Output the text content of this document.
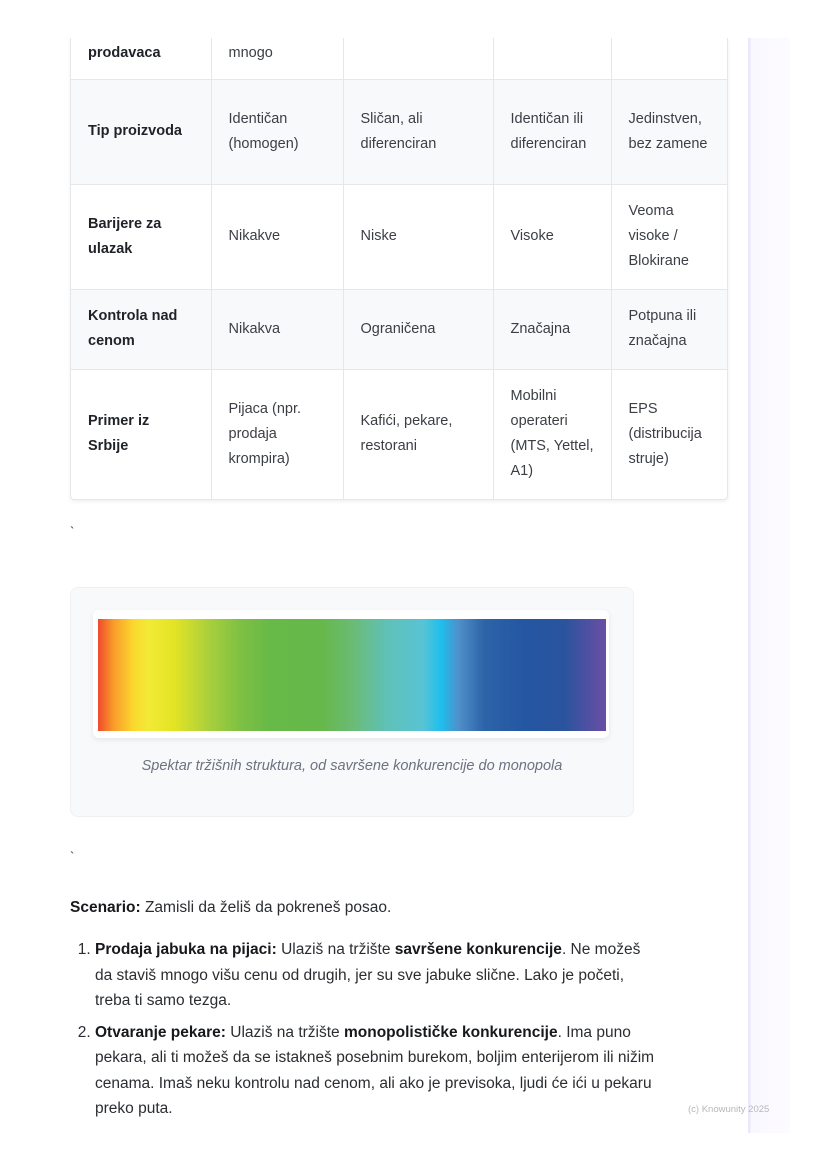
prodavaca	mnogo			
Tip proizvoda	Identičan (homogen)	Sličan, ali diferenciran	Identičan ili diferenciran	Jedinstven, bez zamene
Barijere za ulazak	Nikakve	Niske	Visoke	Veoma visoke / Blokirane
Kontrola nad cenom	Nikakva	Ograničena	Značajna	Potpuna ili značajna
Primer iz Srbije	Pijaca (npr. prodaja krompira)	Kafići, pekare, restorani	Mobilni operateri (MTS, Yettel, A1)	EPS (distribucija struje)
`
Spektar tržišnih struktura, od savršene konkurencije do monopola
`

Scenario: Zamisli da želiš da pokreneš posao.

1. Prodaja jabuka na pijaci: Ulaziš na tržište savršene konkurencije. Ne možeš da staviš mnogo višu cenu od drugih, jer su sve jabuke slične. Lako je početi, treba ti samo tezga.
2. Otvaranje pekare: Ulaziš na tržište monopolističke konkurencije. Ima puno pekara, ali ti možeš da se istakneš posebnim burekom, boljim enterijerom ili nižim cenama. Imaš neku kontrolu nad cenom, ali ako je previsoka, ljudi će ići u pekaru preko puta.	(c) Knowunity 2025
